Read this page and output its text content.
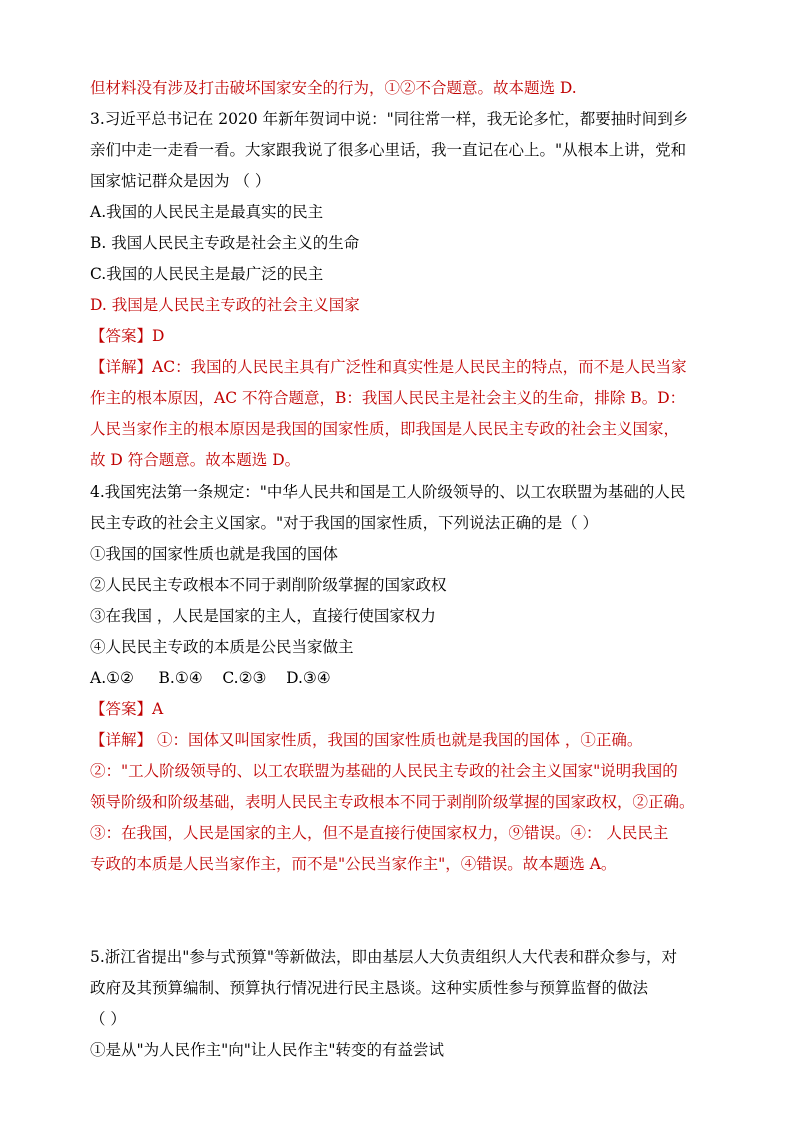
但材料没有涉及打击破坏国家安全的行为，①②不合题意。故本题选 D.

3.习近平总书记在 2020 年新年贺词中说："同往常一样，我无论多忙，都要抽时间到乡

亲们中走一走看一看。大家跟我说了很多心里话，我一直记在心上。"从根本上讲，党和

国家惦记群众是因为 （ ）

A.我国的人民民主是最真实的民主

B. 我国人民民主专政是社会主义的生命

C.我国的人民民主是最广泛的民主

D. 我国是人民民主专政的社会主义国家

【答案】D

【详解】AC：我国的人民民主具有广泛性和真实性是人民民主的特点，而不是人民当家

作主的根本原因，AC 不符合题意，B：我国人民民主是社会主义的生命，排除 B。D：

人民当家作主的根本原因是我国的国家性质，即我国是人民民主专政的社会主义国家，

故 D 符合题意。故本题选 D。

4.我国宪法第一条规定："中华人民共和国是工人阶级领导的、以工农联盟为基础的人民

民主专政的社会主义国家。"对于我国的国家性质，下列说法正确的是（ ）

①我国的国家性质也就是我国的国体

②人民民主专政根本不同于剥削阶级掌握的国家政权

③在我国 ，人民是国家的主人，直接行使国家权力

④人民民主专政的本质是公民当家做主

A.①②     B.①④    C.②③    D.③④

【答案】A

【详解】 ①：国体又叫国家性质，我国的国家性质也就是我国的国体 ，①正确。

②："工人阶级领导的、以工农联盟为基础的人民民主专政的社会主义国家"说明我国的

领导阶级和阶级基础，表明人民民主专政根本不同于剥削阶级掌握的国家政权，②正确。

③：在我国，人民是国家的主人，但不是直接行使国家权力，⑨错误。④： 人民民主

专政的本质是人民当家作主，而不是"公民当家作主"，④错误。故本题选 A。

5.浙江省提出"参与式预算"等新做法，即由基层人大负责组织人大代表和群众参与，对

政府及其预算编制、预算执行情况进行民主恳谈。这种实质性参与预算监督的做法

（ ）

①是从"为人民作主"向"让人民作主"转变的有益尝试
